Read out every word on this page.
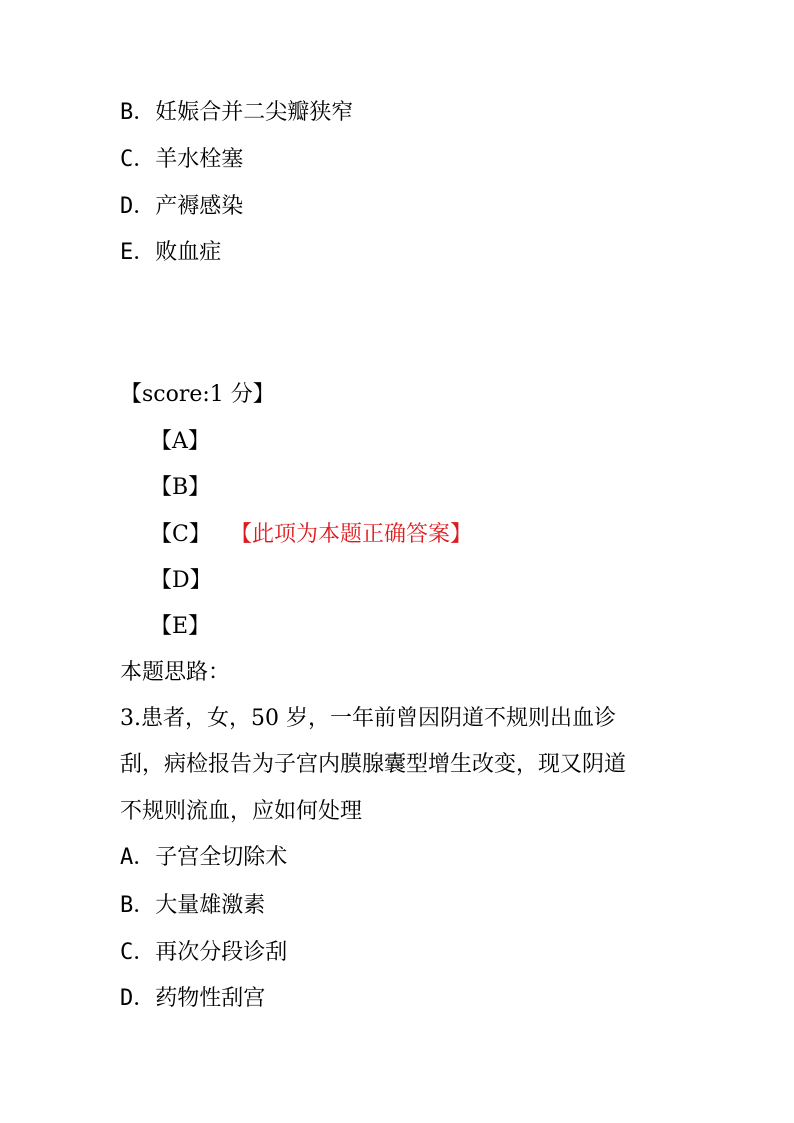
B．妊娠合并二尖瓣狭窄
C．羊水栓塞
D．产褥感染
E．败血症
【score:1 分】
【A】
【B】
【C】 【此项为本题正确答案】
【D】
【E】
本题思路：
3.患者，女，50 岁，一年前曾因阴道不规则出血诊
刮，病检报告为子宫内膜腺囊型增生改变，现又阴道
不规则流血，应如何处理
A．子宫全切除术
B．大量雄激素
C．再次分段诊刮
D．药物性刮宫
